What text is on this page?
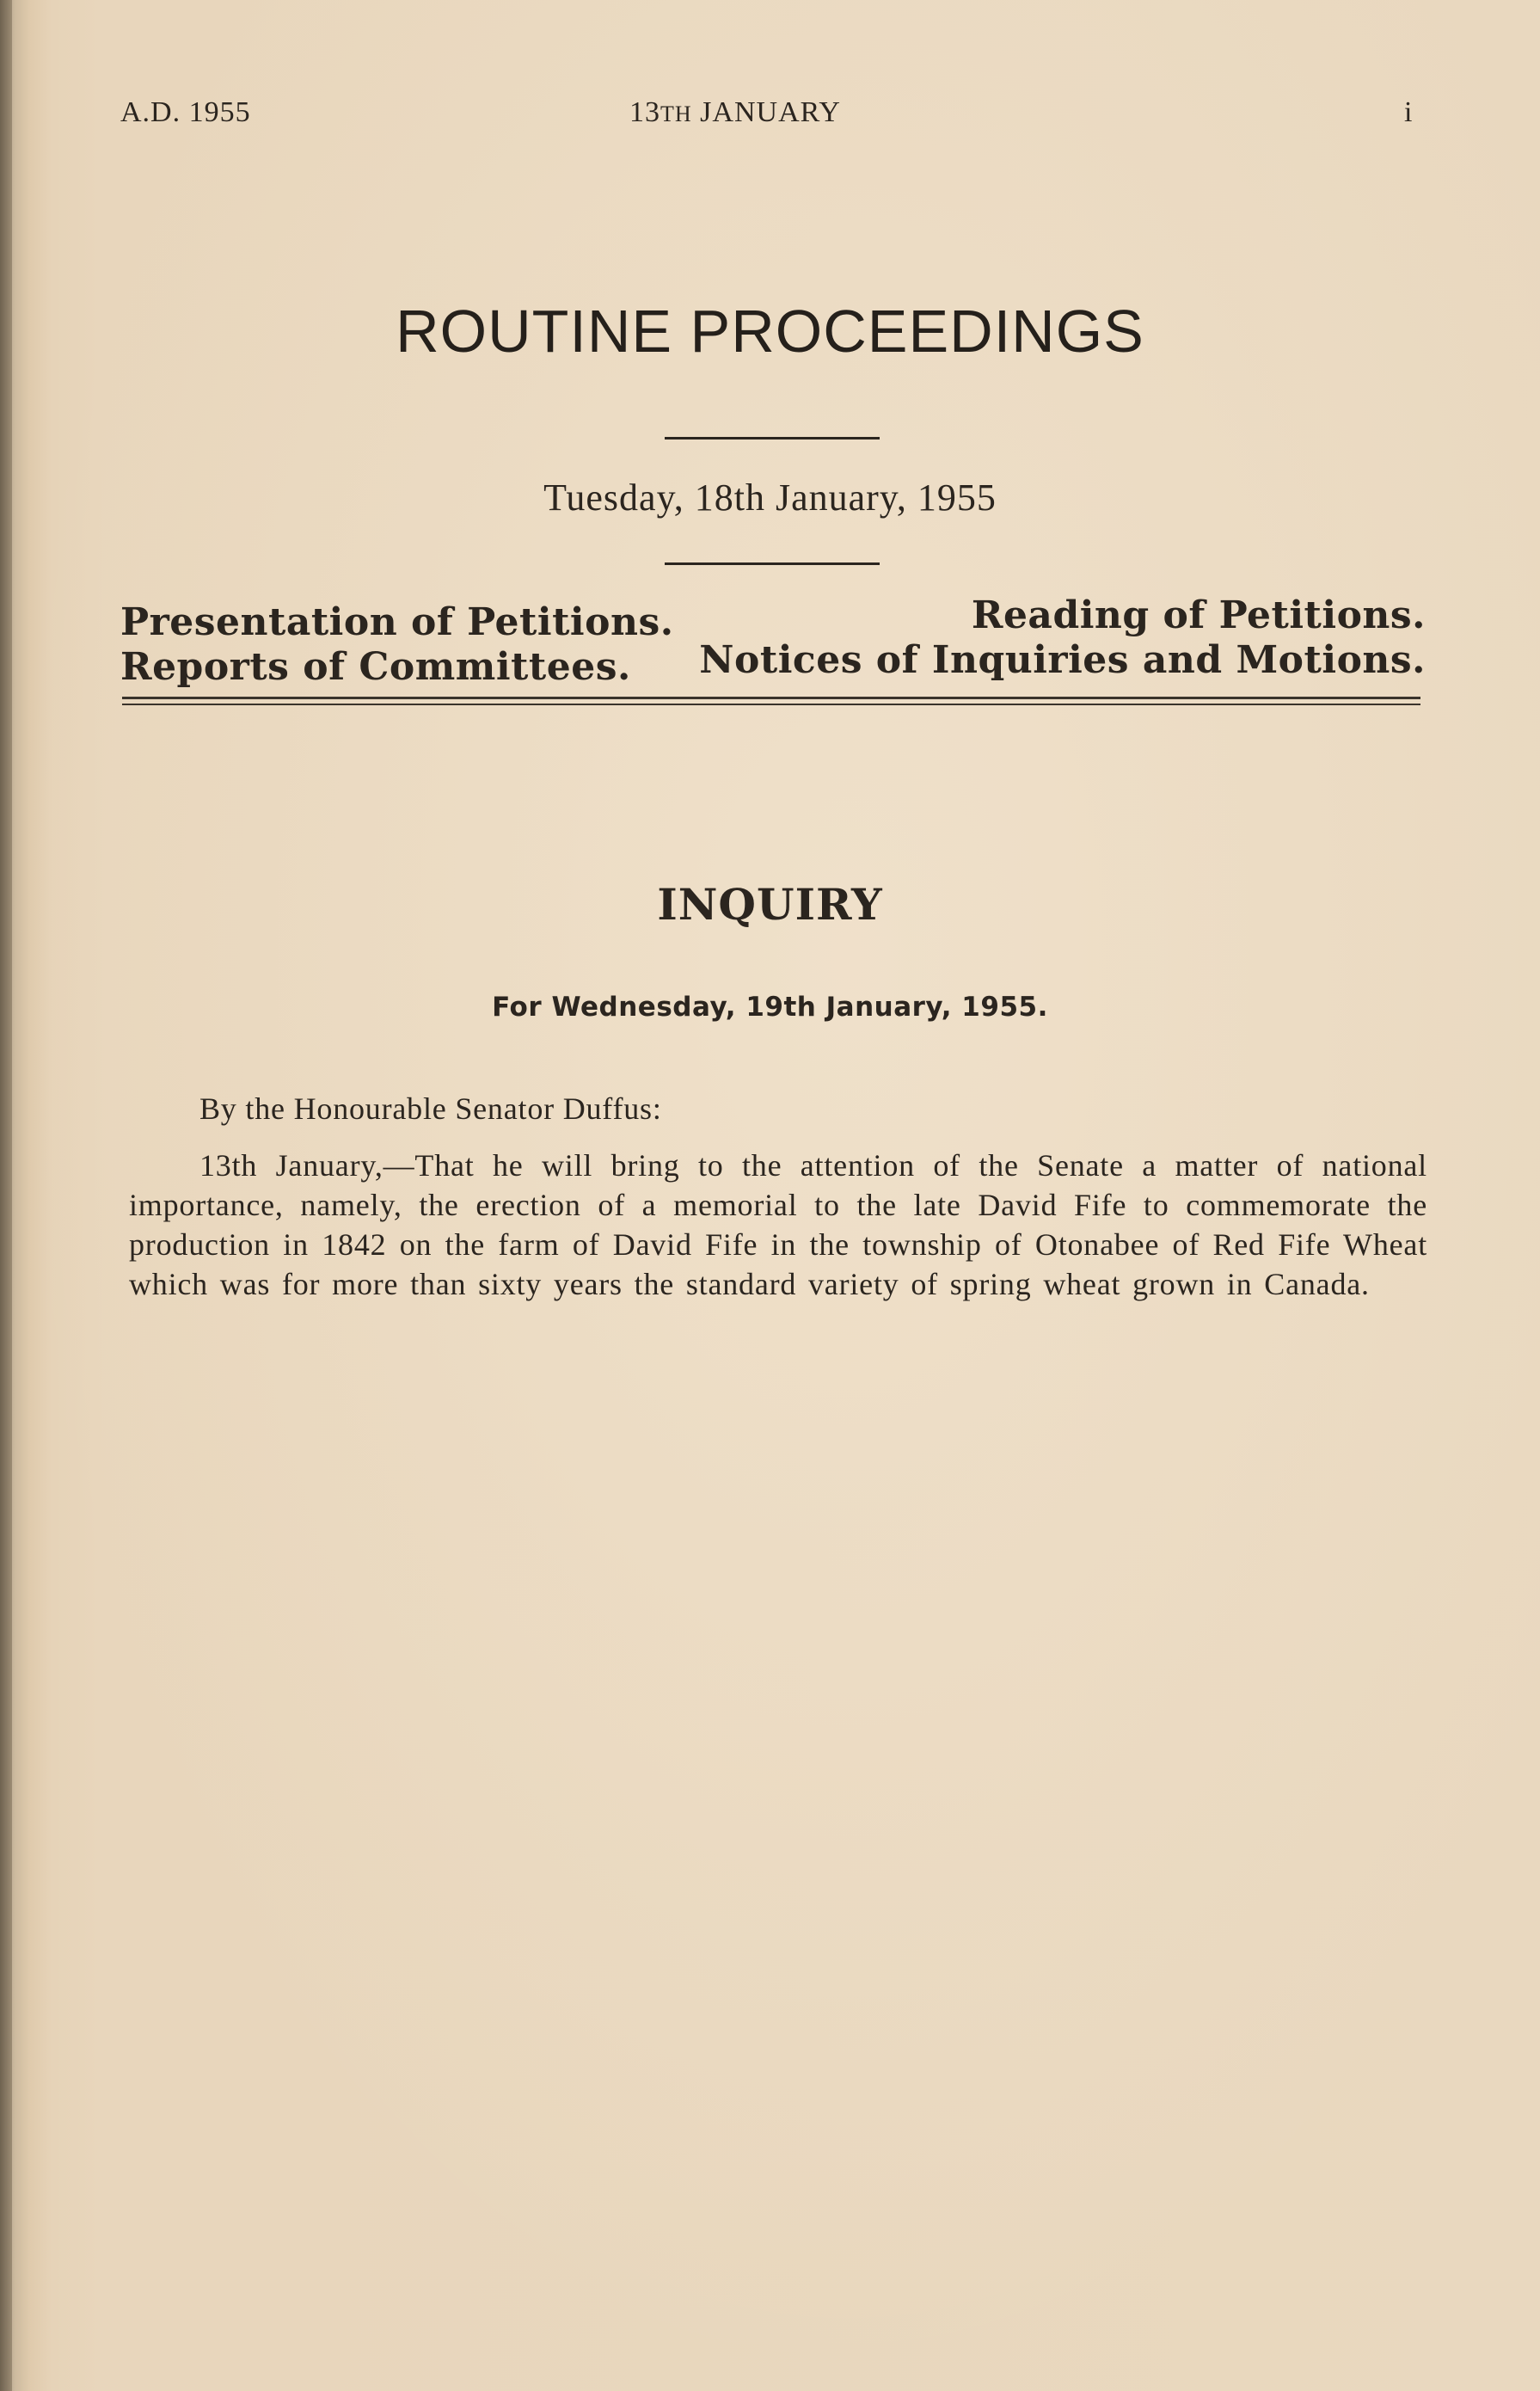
A.D. 1955	13TH JANUARY	i
ROUTINE PROCEEDINGS
Tuesday, 18th January, 1955
Presentation of Petitions.
Reports of Committees.
Reading of Petitions.
Notices of Inquiries and Motions.
INQUIRY
For Wednesday, 19th January, 1955.
By the Honourable Senator Duffus:

13th January,—That he will bring to the attention of the Senate a matter of national importance, namely, the erection of a memorial to the late David Fife to commemorate the production in 1842 on the farm of David Fife in the township of Otonabee of Red Fife Wheat which was for more than sixty years the standard variety of spring wheat grown in Canada.
